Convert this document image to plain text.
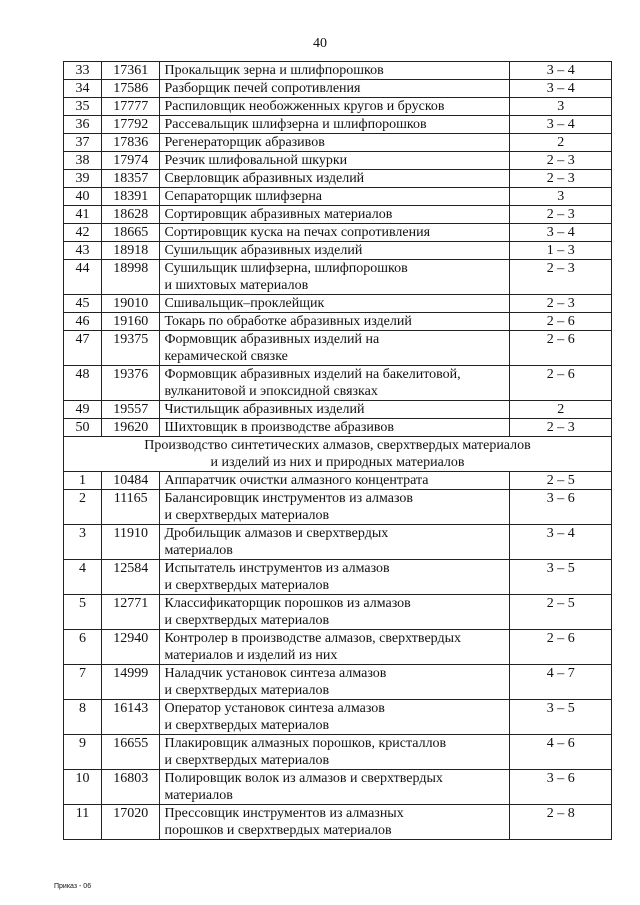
40
33	17361	Прокальщик зерна и шлифпорошков	3 – 4
34	17586	Разборщик печей сопротивления	3 – 4
35	17777	Распиловщик необожженных кругов и брусков	3
36	17792	Рассевальщик шлифзерна и шлифпорошков	3 – 4
37	17836	Регенераторщик абразивов	2
38	17974	Резчик шлифовальной шкурки	2 – 3
39	18357	Сверловщик абразивных изделий	2 – 3
40	18391	Сепараторщик шлифзерна	3
41	18628	Сортировщик абразивных материалов	2 – 3
42	18665	Сортировщик куска на печах сопротивления	3 – 4
43	18918	Сушильщик абразивных изделий	1 – 3
44	18998	Сушильщик шлифзерна, шлифпорошков
и шихтовых материалов	2 – 3
45	19010	Сшивальщик–проклейщик	2 – 3
46	19160	Токарь по обработке абразивных изделий	2 – 6
47	19375	Формовщик абразивных изделий на
керамической связке	2 – 6
48	19376	Формовщик абразивных изделий на бакелитовой,
вулканитовой и эпоксидной связках	2 – 6
49	19557	Чистильщик абразивных изделий	2
50	19620	Шихтовщик в производстве абразивов	2 – 3

Производство синтетических алмазов, сверхтвердых материалов
и изделий из них и природных материалов			

1	10484	Аппаратчик очистки алмазного концентрата	2 – 5
2	11165	Балансировщик инструментов из алмазов
и сверхтвердых материалов	3 – 6
3	11910	Дробильщик алмазов и сверхтвердых
материалов	3 – 4
4	12584	Испытатель инструментов из алмазов
и сверхтвердых материалов	3 – 5
5	12771	Классификаторщик порошков из алмазов
и сверхтвердых материалов	2 – 5
6	12940	Контролер в производстве алмазов, сверхтвердых
материалов и изделий из них	2 – 6
7	14999	Наладчик установок синтеза алмазов
и сверхтвердых материалов	4 – 7
8	16143	Оператор установок синтеза алмазов
и сверхтвердых материалов	3 – 5
9	16655	Плакировщик алмазных порошков, кристаллов
и сверхтвердых материалов	4 – 6
10	16803	Полировщик волок из алмазов и сверхтвердых
материалов	3 – 6
11	17020	Прессовщик инструментов из алмазных
порошков и сверхтвердых материалов	2 – 8
Приказ - 06
